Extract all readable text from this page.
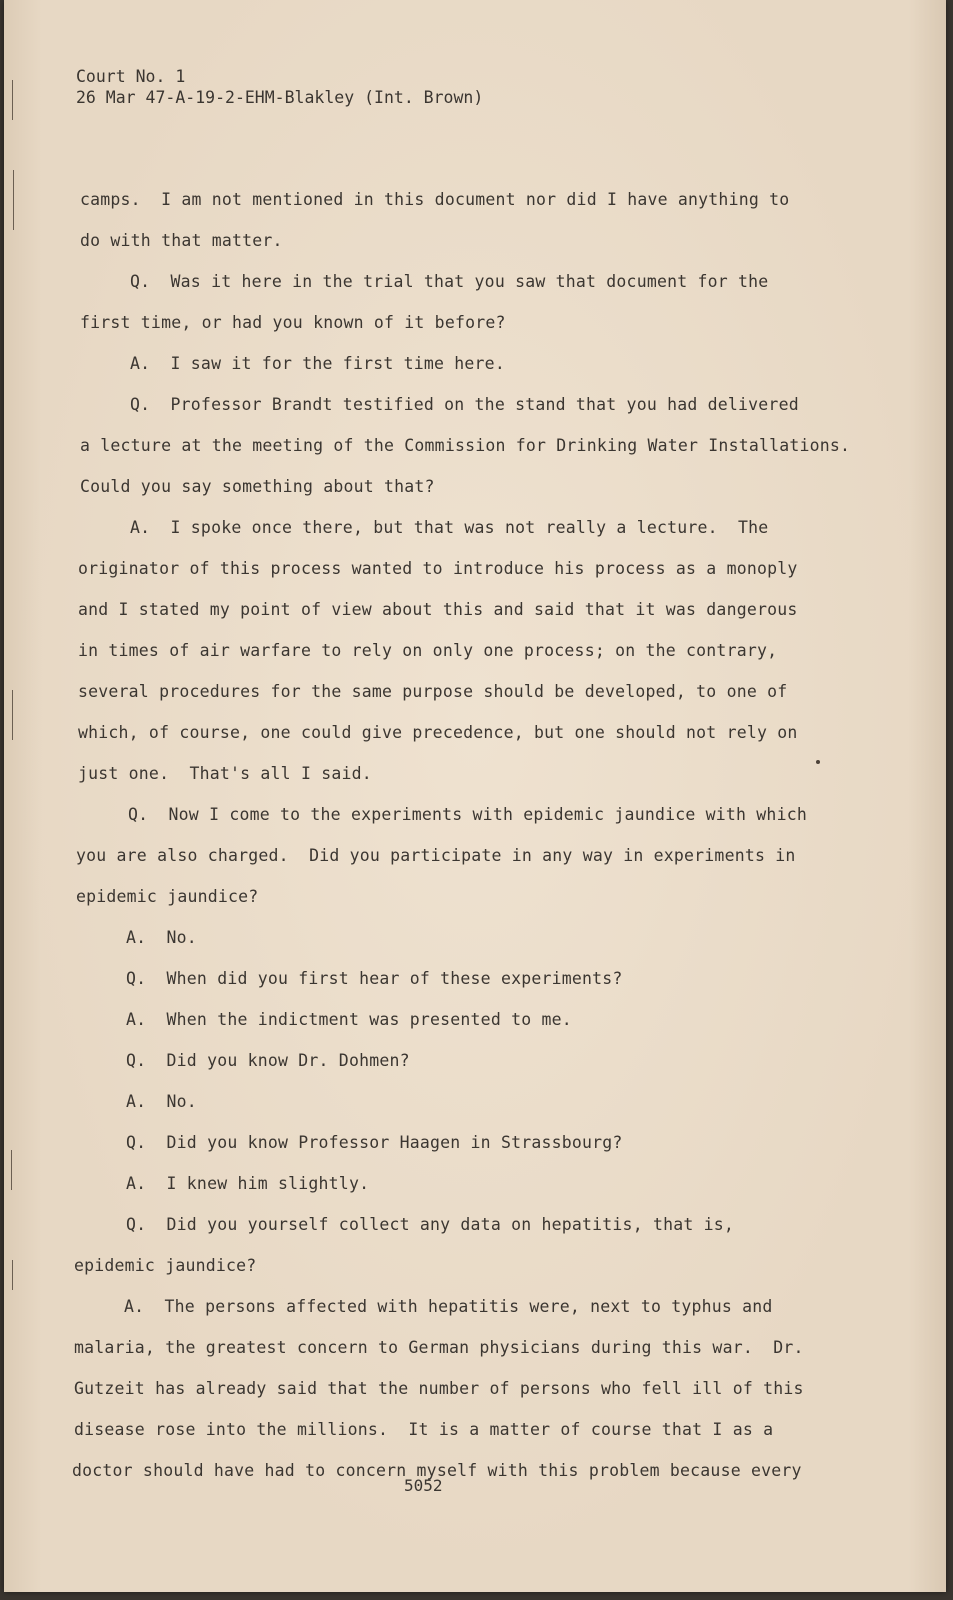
Court No. 1
26 Mar 47-A-19-2-EHM-Blakley (Int. Brown)
camps.  I am not mentioned in this document nor did I have anything to
do with that matter.
Q.  Was it here in the trial that you saw that document for the
first time, or had you known of it before?
A.  I saw it for the first time here.
Q.  Professor Brandt testified on the stand that you had delivered
a lecture at the meeting of the Commission for Drinking Water Installations.
Could you say something about that?
A.  I spoke once there, but that was not really a lecture.  The
originator of this process wanted to introduce his process as a monoply
and I stated my point of view about this and said that it was dangerous
in times of air warfare to rely on only one process; on the contrary,
several procedures for the same purpose should be developed, to one of
which, of course, one could give precedence, but one should not rely on
just one.  That's all I said.
Q.  Now I come to the experiments with epidemic jaundice with which
you are also charged.  Did you participate in any way in experiments in
epidemic jaundice?
A.  No.
Q.  When did you first hear of these experiments?
A.  When the indictment was presented to me.
Q.  Did you know Dr. Dohmen?
A.  No.
Q.  Did you know Professor Haagen in Strassbourg?
A.  I knew him slightly.
Q.  Did you yourself collect any data on hepatitis, that is,
epidemic jaundice?
A.  The persons affected with hepatitis were, next to typhus and
malaria, the greatest concern to German physicians during this war.  Dr.
Gutzeit has already said that the number of persons who fell ill of this
disease rose into the millions.  It is a matter of course that I as a
doctor should have had to concern myself with this problem because every
5052
